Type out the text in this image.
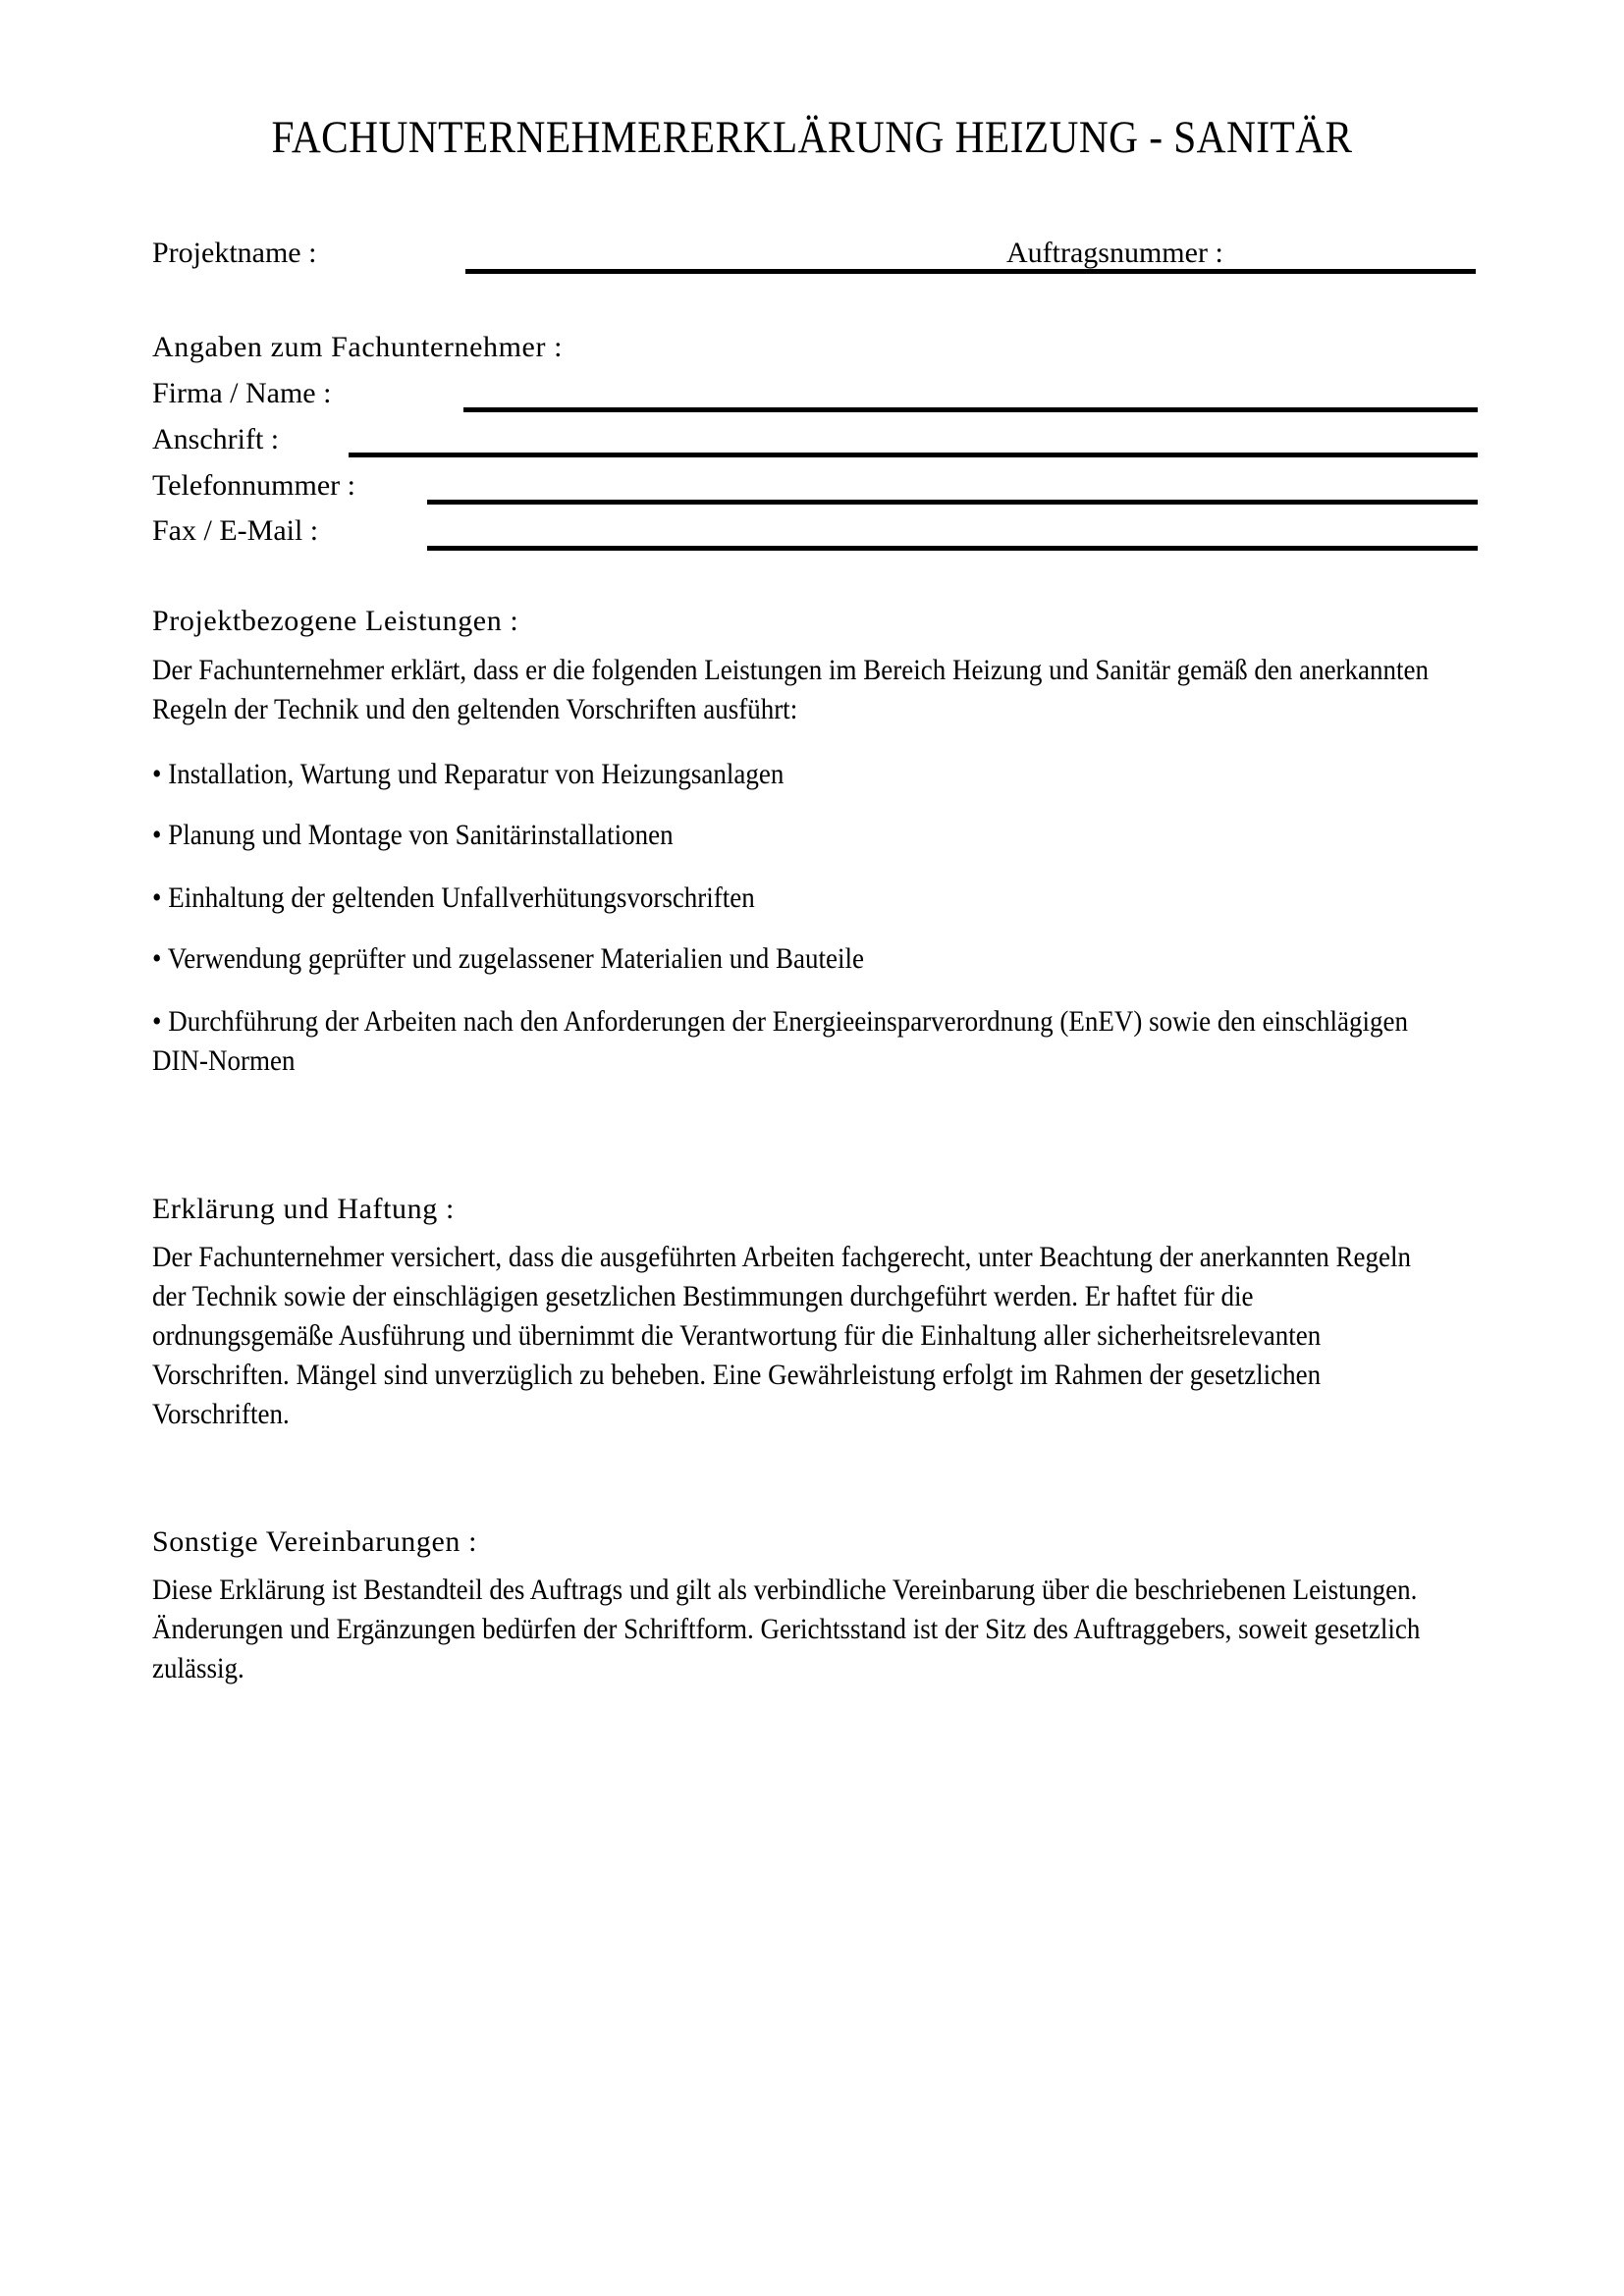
FACHUNTERNEHMERERKLÄRUNG HEIZUNG - SANITÄR
Projektname :	Auftragsnummer :
Angaben zum Fachunternehmer :
Firma / Name :
Anschrift :
Telefonnummer :
Fax / E-Mail :
Projektbezogene Leistungen :
Der Fachunternehmer erklärt, dass er die folgenden Leistungen im Bereich Heizung und Sanitär gemäß den anerkannten
Regeln der Technik und den geltenden Vorschriften ausführt:
• Installation, Wartung und Reparatur von Heizungsanlagen
• Planung und Montage von Sanitärinstallationen
• Einhaltung der geltenden Unfallverhütungsvorschriften
• Verwendung geprüfter und zugelassener Materialien und Bauteile
• Durchführung der Arbeiten nach den Anforderungen der Energieeinsparverordnung (EnEV) sowie den einschlägigen
DIN-Normen
Erklärung und Haftung :
Der Fachunternehmer versichert, dass die ausgeführten Arbeiten fachgerecht, unter Beachtung der anerkannten Regeln
der Technik sowie der einschlägigen gesetzlichen Bestimmungen durchgeführt werden. Er haftet für die
ordnungsgemäße Ausführung und übernimmt die Verantwortung für die Einhaltung aller sicherheitsrelevanten
Vorschriften. Mängel sind unverzüglich zu beheben. Eine Gewährleistung erfolgt im Rahmen der gesetzlichen
Vorschriften.
Sonstige Vereinbarungen :
Diese Erklärung ist Bestandteil des Auftrags und gilt als verbindliche Vereinbarung über die beschriebenen Leistungen.
Änderungen und Ergänzungen bedürfen der Schriftform. Gerichtsstand ist der Sitz des Auftraggebers, soweit gesetzlich
zulässig.
